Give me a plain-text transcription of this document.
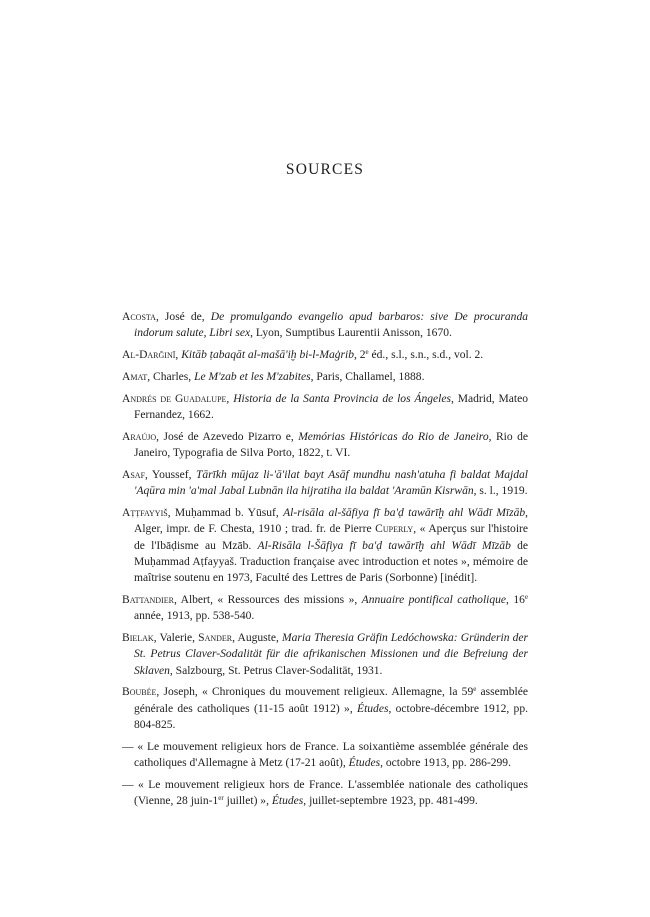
SOURCES

Acosta, José de, De promulgando evangelio apud barbaros: sive De procuranda indorum salute, Libri sex, Lyon, Sumptibus Laurentii Anisson, 1670.

Al-Darğinī, Kitāb ṭabaqāt al-mašā'iḫ bi-l-Maġrib, 2e éd., s.l., s.n., s.d., vol. 2.

Amat, Charles, Le M'zab et les M'zabites, Paris, Challamel, 1888.

Andrés de Guadalupe, Historia de la Santa Provincia de los Ángeles, Madrid, Mateo Fernandez, 1662.

Araújo, José de Azevedo Pizarro e, Memórias Históricas do Rio de Janeiro, Rio de Janeiro, Typografia de Silva Porto, 1822, t. VI.

Asaf, Youssef, Tārīkh mūjaz li-'ā'ilat bayt Asāf mundhu nash'atuha fi baldat Majdal 'Aqūra min 'a'mal Jabal Lubnān ila hijratiha ila baldat 'Aramūn Kisrwān, s. l., 1919.

Aṭṭfayyiš, Muḥammad b. Yūsuf, Al-risāla al-šāfiya fī ba'ḍ tawārīḫ ahl Wādī Mīzāb, Alger, impr. de F. Chesta, 1910 ; trad. fr. de Pierre Cuperly, « Aperçus sur l'histoire de l'Ibāḍisme au Mzāb. Al-Risāla l-Šāfiya fī ba'ḍ tawārīḫ ahl Wādī Mīzāb de Muḥammad Aṭfayyaš. Traduction française avec introduction et notes », mémoire de maîtrise soutenu en 1973, Faculté des Lettres de Paris (Sorbonne) [inédit].

Battandier, Albert, « Ressources des missions », Annuaire pontifical catholique, 16e année, 1913, pp. 538-540.

Bielak, Valerie, Sander, Auguste, Maria Theresia Gräfin Ledóchowska: Gründerin der St. Petrus Claver-Sodalität für die afrikanischen Missionen und die Befreiung der Sklaven, Salzbourg, St. Petrus Claver-Sodalität, 1931.

Boubée, Joseph, « Chroniques du mouvement religieux. Allemagne, la 59e assemblée générale des catholiques (11-15 août 1912) », Études, octobre-décembre 1912, pp. 804-825.

— « Le mouvement religieux hors de France. La soixantième assemblée générale des catholiques d'Allemagne à Metz (17-21 août), Études, octobre 1913, pp. 286-299.

— « Le mouvement religieux hors de France. L'assemblée nationale des catholiques (Vienne, 28 juin-1er juillet) », Études, juillet-septembre 1923, pp. 481-499.
